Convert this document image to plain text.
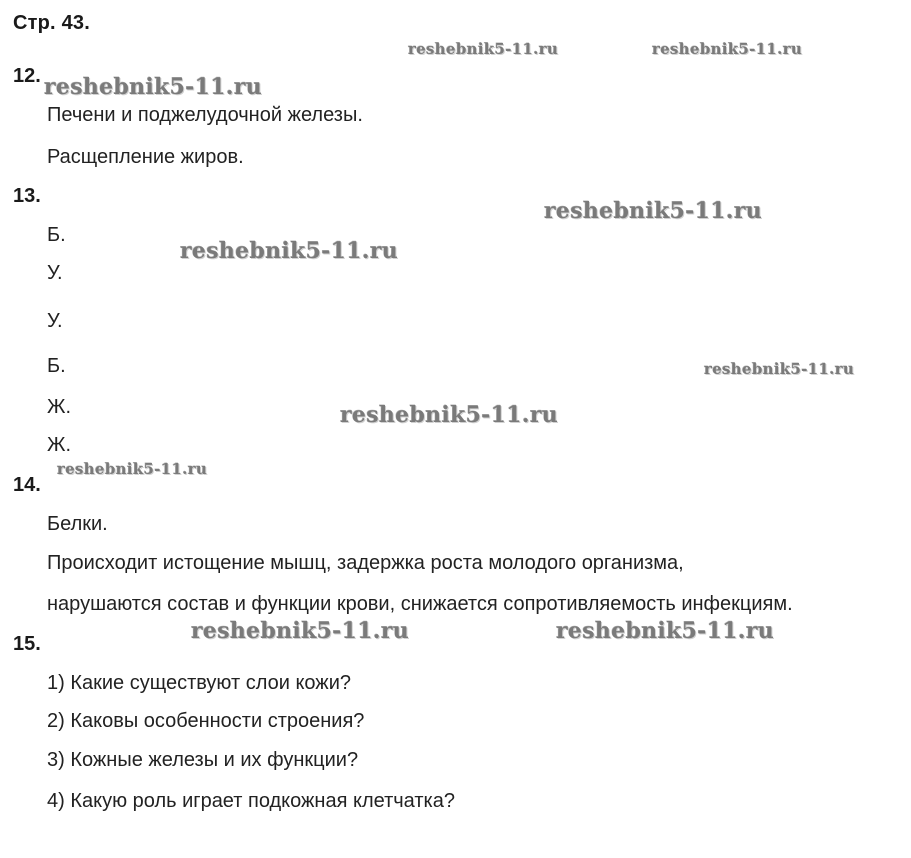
Стр. 43.
reshebnik5-11.ru	reshebnik5-11.ru
reshebnik5-11.ru
reshebnik5-11.ru
reshebnik5-11.ru
reshebnik5-11.ru
reshebnik5-11.ru
reshebnik5-11.ru
reshebnik5-11.ru	reshebnik5-11.ru
12.
Печени и поджелудочной железы.
Расщепление жиров.
13.
Б.
У.
У.
Б.
Ж.
Ж.
14.
Белки.
Происходит истощение мышц, задержка роста молодого организма,
нарушаются состав и функции крови, снижается сопротивляемость инфекциям.
15.
1) Какие существуют слои кожи?
2) Каковы особенности строения?
3) Кожные железы и их функции?
4) Какую роль играет подкожная клетчатка?
